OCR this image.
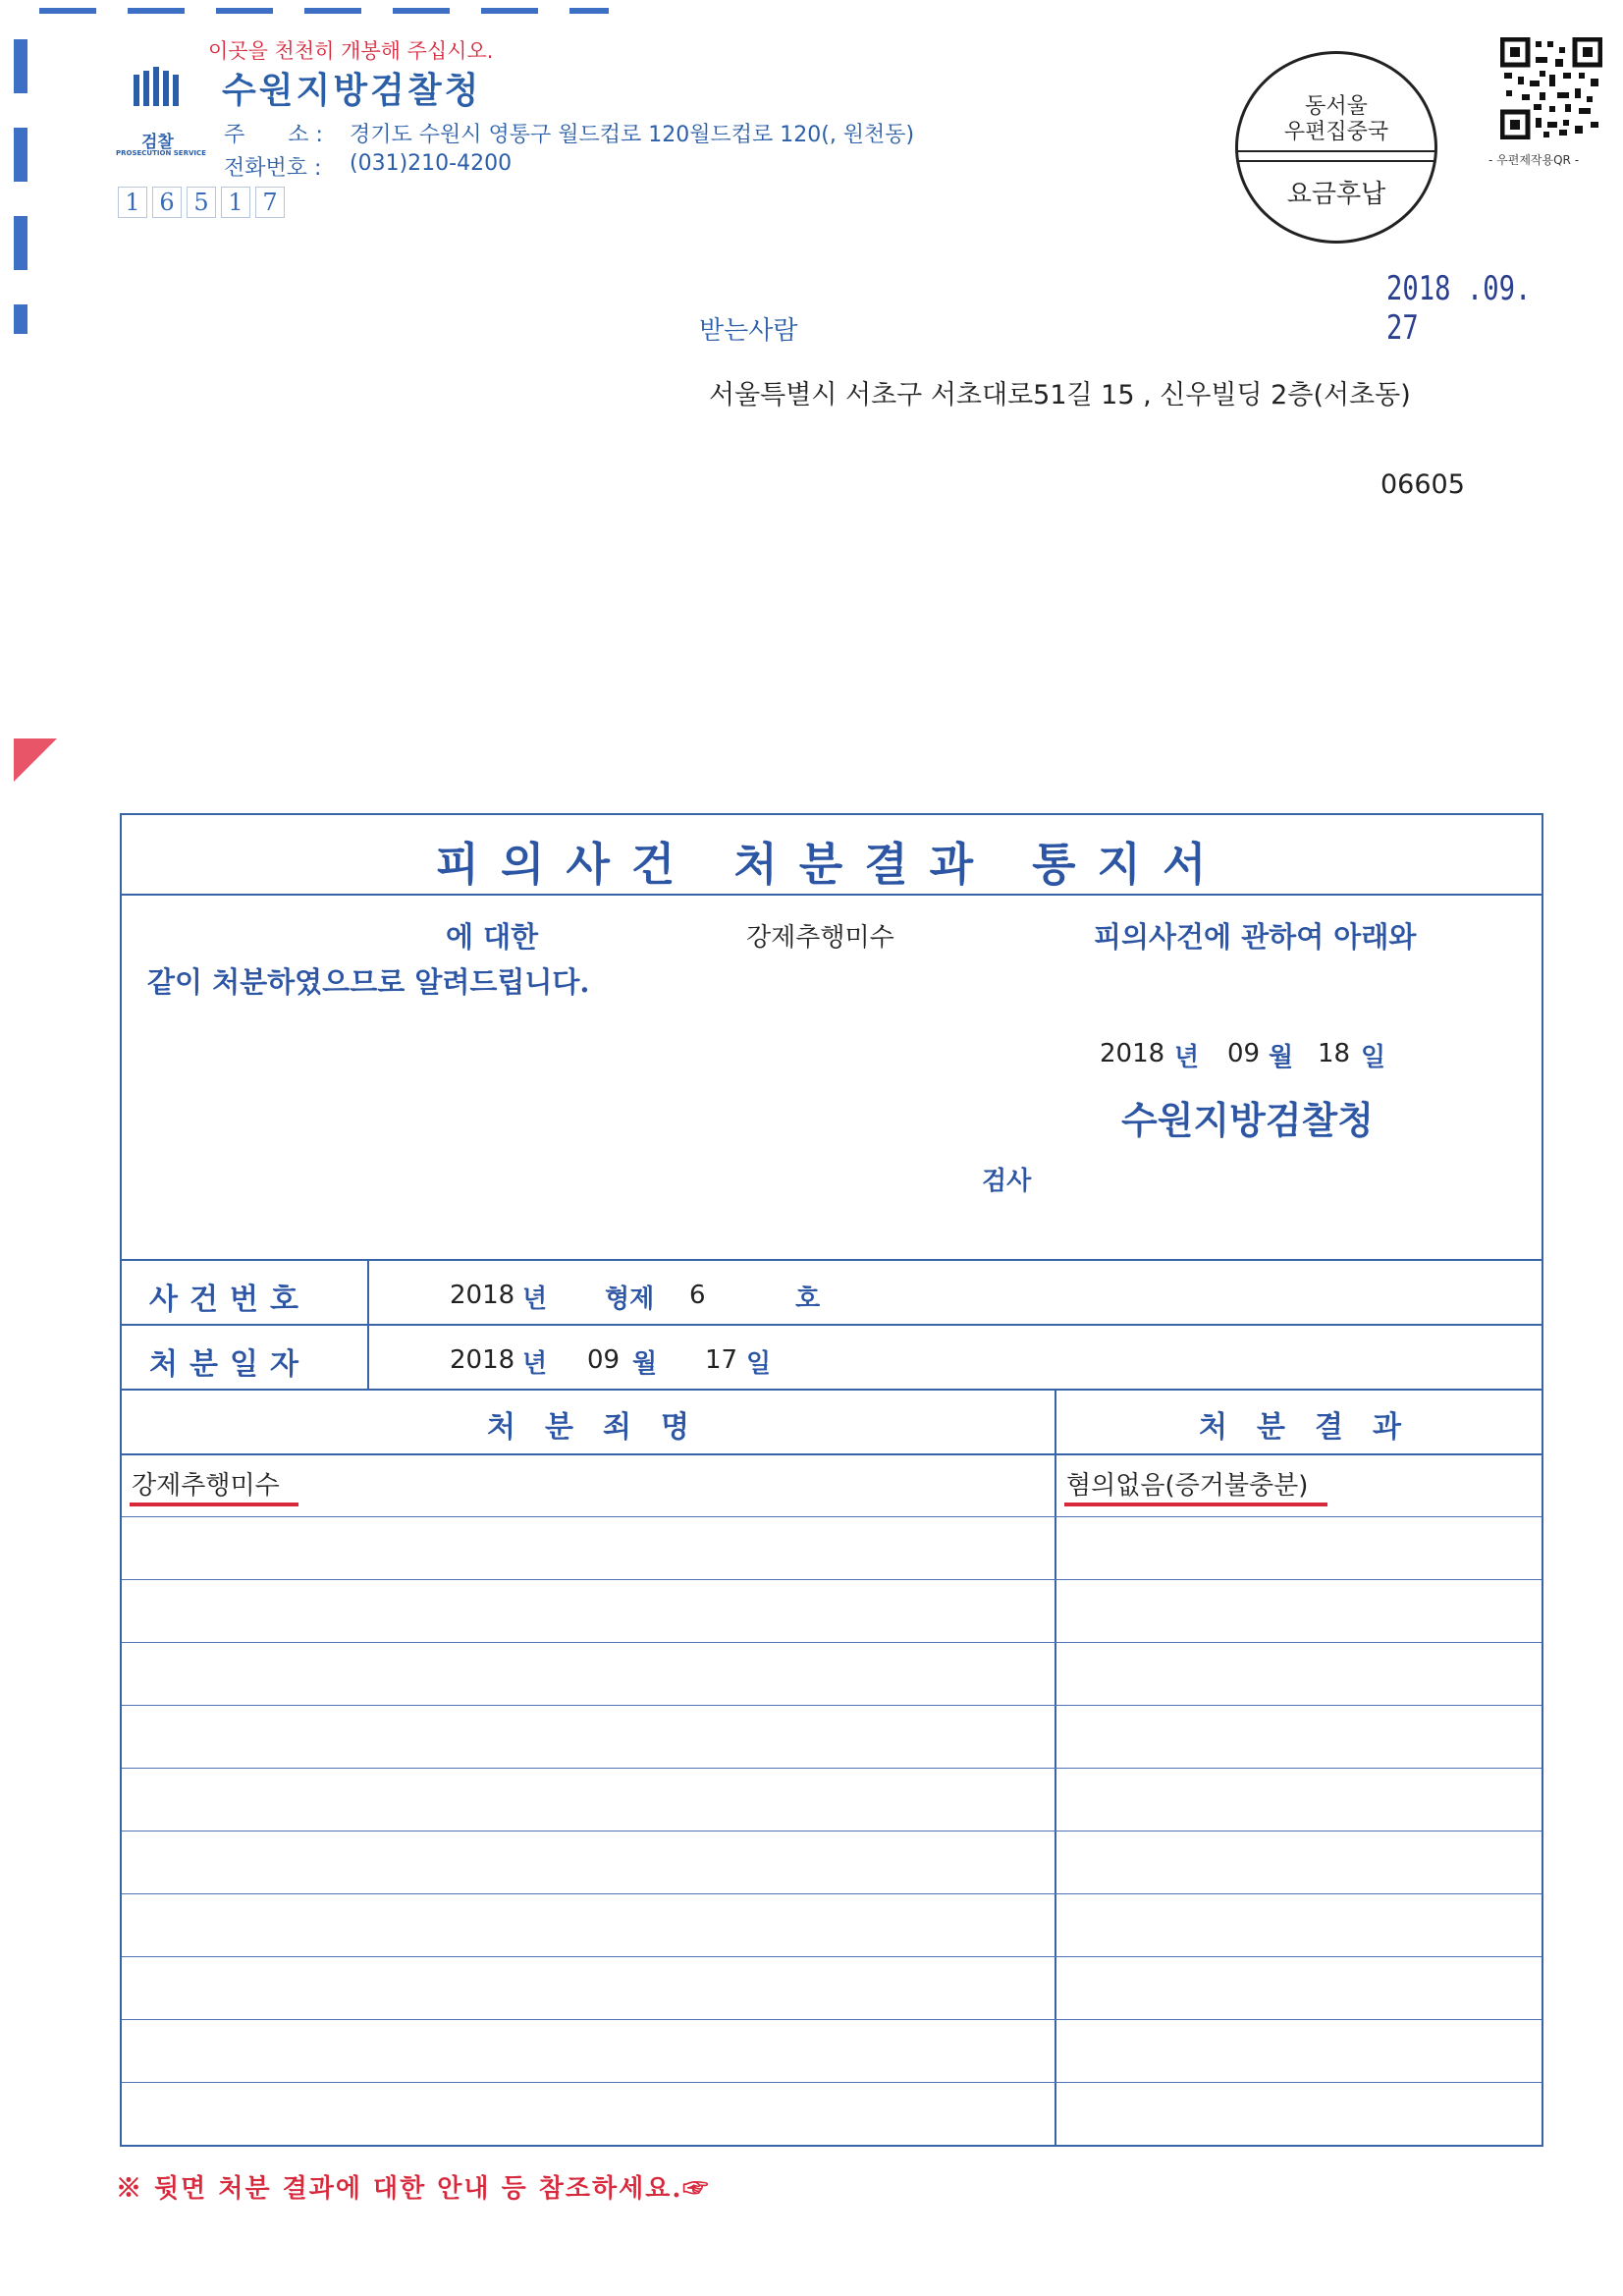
이곳을 천천히 개봉해 주십시오.
검찰
PROSECUTION SERVICE
수원지방검찰청
주　　소 : 경기도 수원시 영통구 월드컵로 120월드컵로 120(, 원천동)
전화번호 : (031)210-4200
1 6 5 1 7
동서울
우편집중국
요금후납
- 우편제작용QR -
2018 .09. 27
받는사람
서울특별시 서초구 서초대로51길 15 , 신우빌딩 2층(서초동)
06605
피의사건 처분결과 통지서
에 대한	강제추행미수	피의사건에 관하여 아래와
같이 처분하였으므로 알려드립니다.
2018 년 09 월 18 일
수원지방검찰청
검사
사건번호	2018 년 형제 6	호
처분일자	2018 년 09 월 17 일
처　분　죄　명	처　분　결　과
강제추행미수	혐의없음(증거불충분)
※ 뒷면 처분 결과에 대한 안내 등 참조하세요.☞
